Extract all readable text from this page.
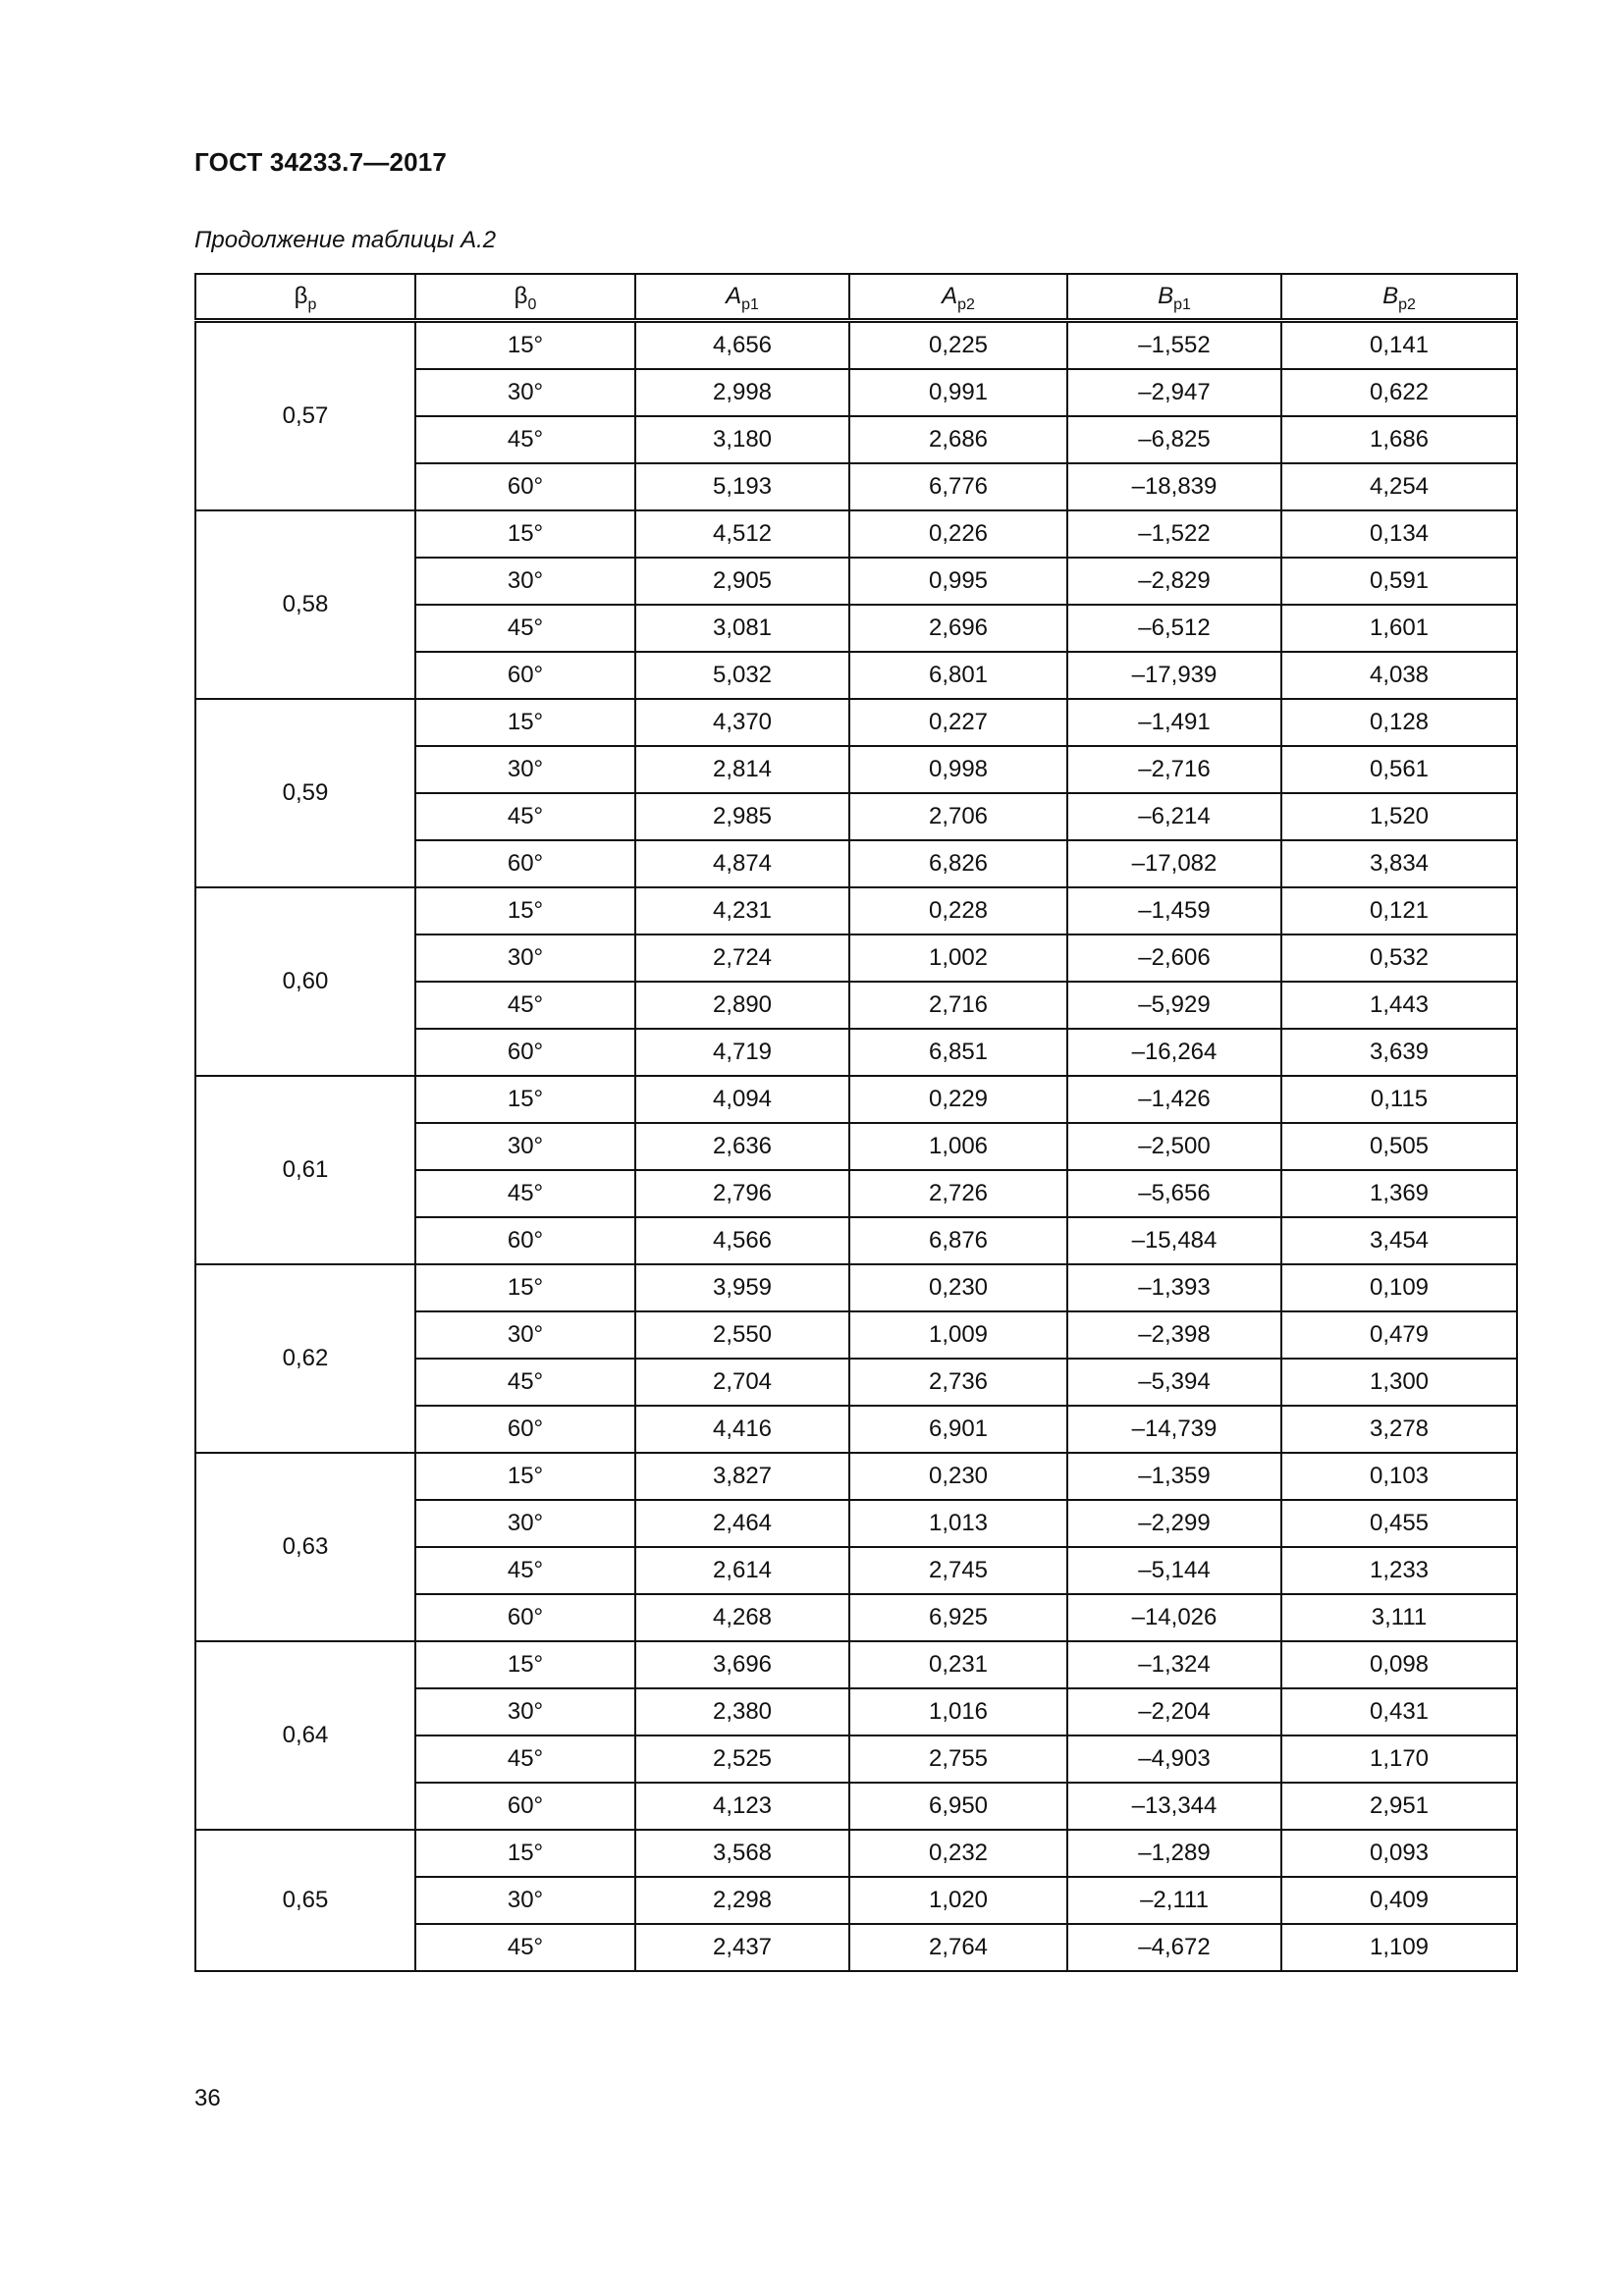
ГОСТ 34233.7—2017
Продолжение таблицы А.2
$\beta_р$	$\beta_0$	$A_{р1}$	$A_{р2}$	$B_{р1}$	$B_{р2}$
0,57	15°	4,656	0,225	–1,552	0,141
	30°	2,998	0,991	–2,947	0,622
	45°	3,180	2,686	–6,825	1,686
	60°	5,193	6,776	–18,839	4,254
0,58	15°	4,512	0,226	–1,522	0,134
	30°	2,905	0,995	–2,829	0,591
	45°	3,081	2,696	–6,512	1,601
	60°	5,032	6,801	–17,939	4,038
0,59	15°	4,370	0,227	–1,491	0,128
	30°	2,814	0,998	–2,716	0,561
	45°	2,985	2,706	–6,214	1,520
	60°	4,874	6,826	–17,082	3,834
0,60	15°	4,231	0,228	–1,459	0,121
	30°	2,724	1,002	–2,606	0,532
	45°	2,890	2,716	–5,929	1,443
	60°	4,719	6,851	–16,264	3,639
0,61	15°	4,094	0,229	–1,426	0,115
	30°	2,636	1,006	–2,500	0,505
	45°	2,796	2,726	–5,656	1,369
	60°	4,566	6,876	–15,484	3,454
0,62	15°	3,959	0,230	–1,393	0,109
	30°	2,550	1,009	–2,398	0,479
	45°	2,704	2,736	–5,394	1,300
	60°	4,416	6,901	–14,739	3,278
0,63	15°	3,827	0,230	–1,359	0,103
	30°	2,464	1,013	–2,299	0,455
	45°	2,614	2,745	–5,144	1,233
	60°	4,268	6,925	–14,026	3,111
0,64	15°	3,696	0,231	–1,324	0,098
	30°	2,380	1,016	–2,204	0,431
	45°	2,525	2,755	–4,903	1,170
	60°	4,123	6,950	–13,344	2,951
0,65	15°	3,568	0,232	–1,289	0,093
	30°	2,298	1,020	–2,111	0,409
	45°	2,437	2,764	–4,672	1,109
36
